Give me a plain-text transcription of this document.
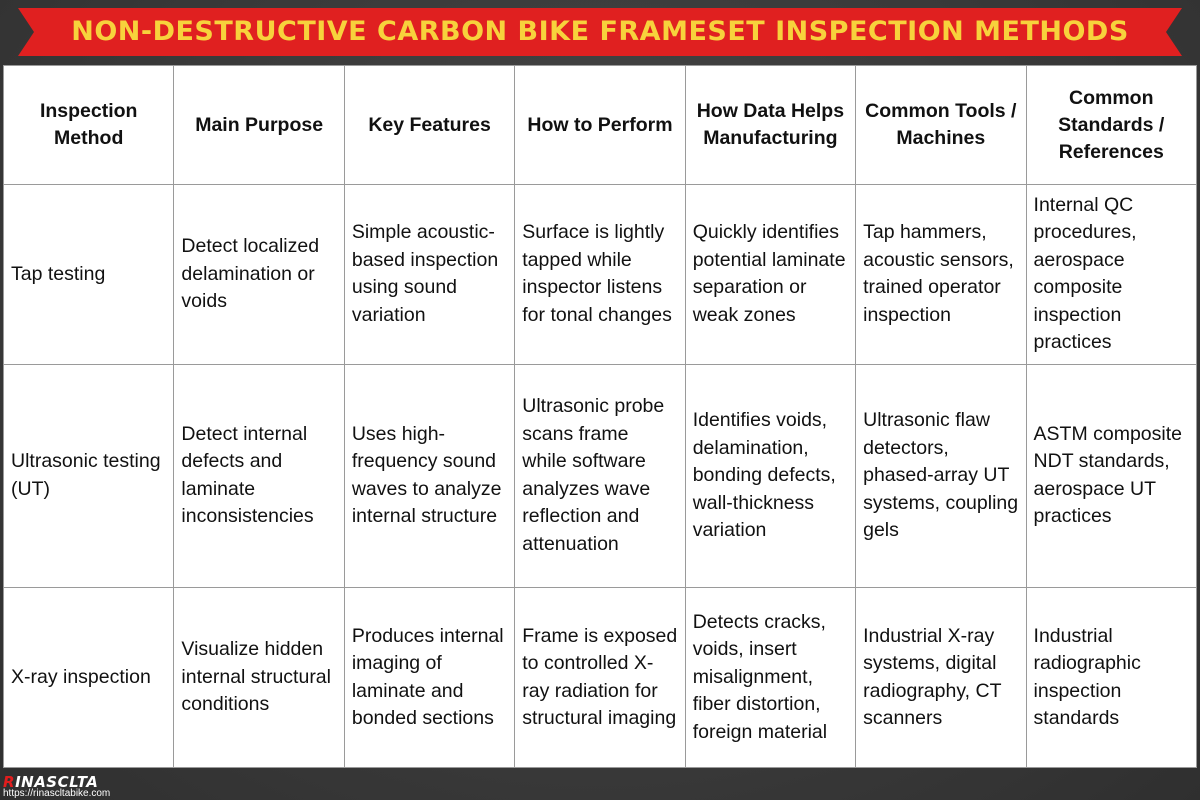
NON-DESTRUCTIVE CARBON BIKE FRAMESET INSPECTION METHODS
Inspection Method	Main Purpose	Key Features	How to Perform	How Data Helps Manufacturing	Common Tools / Machines	Common Standards / References
Tap testing	Detect localized delamination or voids	Simple acoustic-based inspection using sound variation	Surface is lightly tapped while inspector listens for tonal changes	Quickly identifies potential laminate separation or weak zones	Tap hammers, acoustic sensors, trained operator inspection	Internal QC procedures, aerospace composite inspection practices
Ultrasonic testing (UT)	Detect internal defects and laminate inconsistencies	Uses high-frequency sound waves to analyze internal structure	Ultrasonic probe scans frame while software analyzes wave reflection and attenuation	Identifies voids, delamination, bonding defects, wall-thickness variation	Ultrasonic flaw detectors, phased-array UT systems, coupling gels	ASTM composite NDT standards, aerospace UT practices
X-ray inspection	Visualize hidden internal structural conditions	Produces internal imaging of laminate and bonded sections	Frame is exposed to controlled X-ray radiation for structural imaging	Detects cracks, voids, insert misalignment, fiber distortion, foreign material	Industrial X-ray systems, digital radiography, CT scanners	Industrial radiographic inspection standards
RINASCLTA
https://rinascltabike.com
